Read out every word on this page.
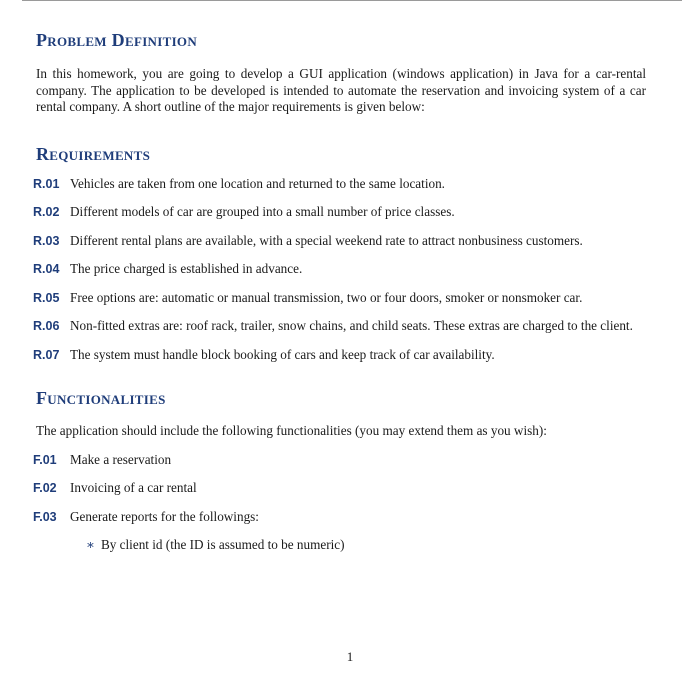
Problem Definition

In this homework, you are going to develop a GUI application (windows application) in Java for a car-rental company. The application to be developed is intended to automate the reservation and invoicing system of a car rental company. A short outline of the major requirements is given below:

Requirements
R.01 Vehicles are taken from one location and returned to the same location.
R.02 Different models of car are grouped into a small number of price classes.
R.03 Different rental plans are available, with a special weekend rate to attract nonbusiness customers.
R.04 The price charged is established in advance.
R.05 Free options are: automatic or manual transmission, two or four doors, smoker or nonsmoker car.
R.06 Non-fitted extras are: roof rack, trailer, snow chains, and child seats. These extras are charged to the client.
R.07 The system must handle block booking of cars and keep track of car availability.
Functionalities

The application should include the following functionalities (you may extend them as you wish):

F.01	Make a reservation
F.02	Invoicing of a car rental
F.03	Generate reports for the followings:
∗ By client id (the ID is assumed to be numeric)
1
